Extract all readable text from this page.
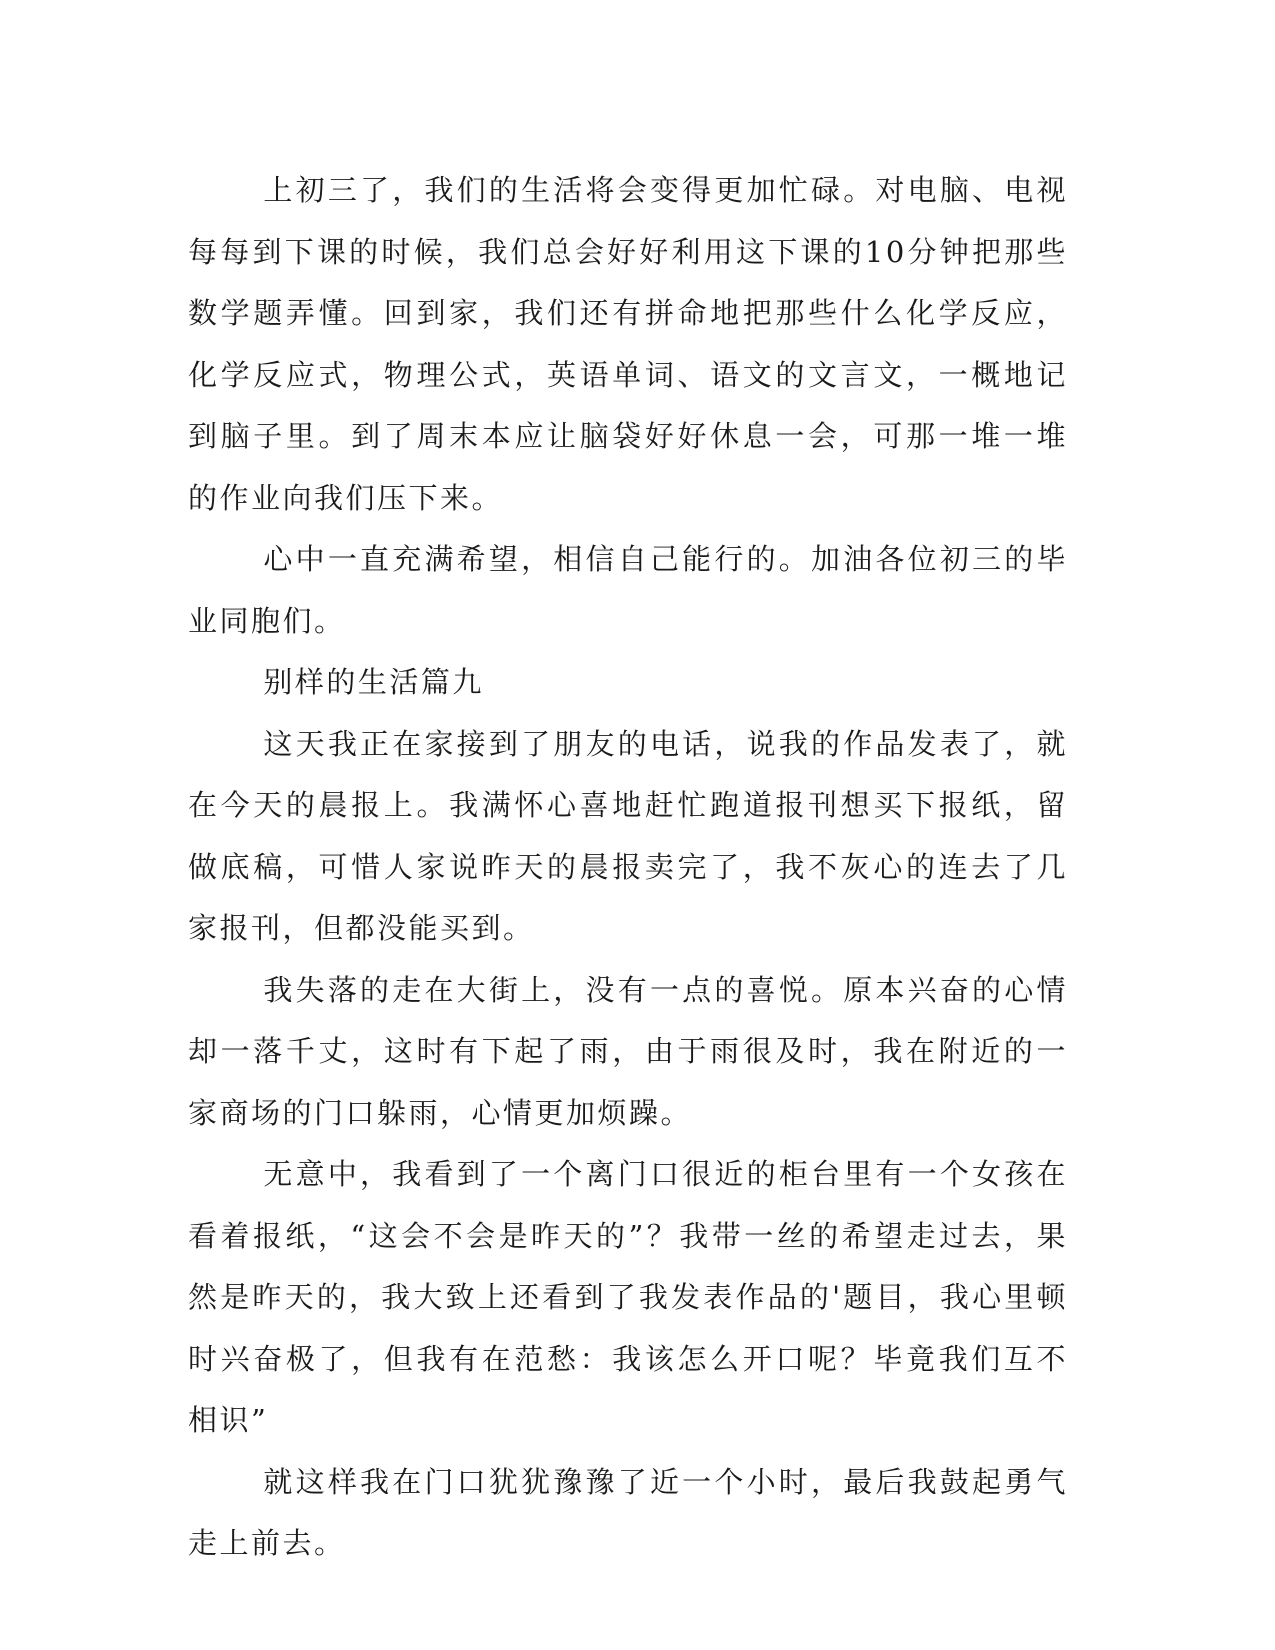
上初三了，我们的生活将会变得更加忙碌。对电脑、电视每每到下课的时候，我们总会好好利用这下课的10分钟把那些数学题弄懂。回到家，我们还有拼命地把那些什么化学反应，化学反应式，物理公式，英语单词、语文的文言文，一概地记到脑子里。到了周末本应让脑袋好好休息一会，可那一堆一堆的作业向我们压下来。

心中一直充满希望，相信自己能行的。加油各位初三的毕业同胞们。

别样的生活篇九

这天我正在家接到了朋友的电话，说我的作品发表了，就在今天的晨报上。我满怀心喜地赶忙跑道报刊想买下报纸，留做底稿，可惜人家说昨天的晨报卖完了，我不灰心的连去了几家报刊，但都没能买到。

我失落的走在大街上，没有一点的喜悦。原本兴奋的心情却一落千丈，这时有下起了雨，由于雨很及时，我在附近的一家商场的门口躲雨，心情更加烦躁。

无意中，我看到了一个离门口很近的柜台里有一个女孩在看着报纸，“这会不会是昨天的”？我带一丝的希望走过去，果然是昨天的，我大致上还看到了我发表作品的'题目，我心里顿时兴奋极了，但我有在范愁：我该怎么开口呢？毕竟我们互不相识”

就这样我在门口犹犹豫豫了近一个小时，最后我鼓起勇气走上前去。
